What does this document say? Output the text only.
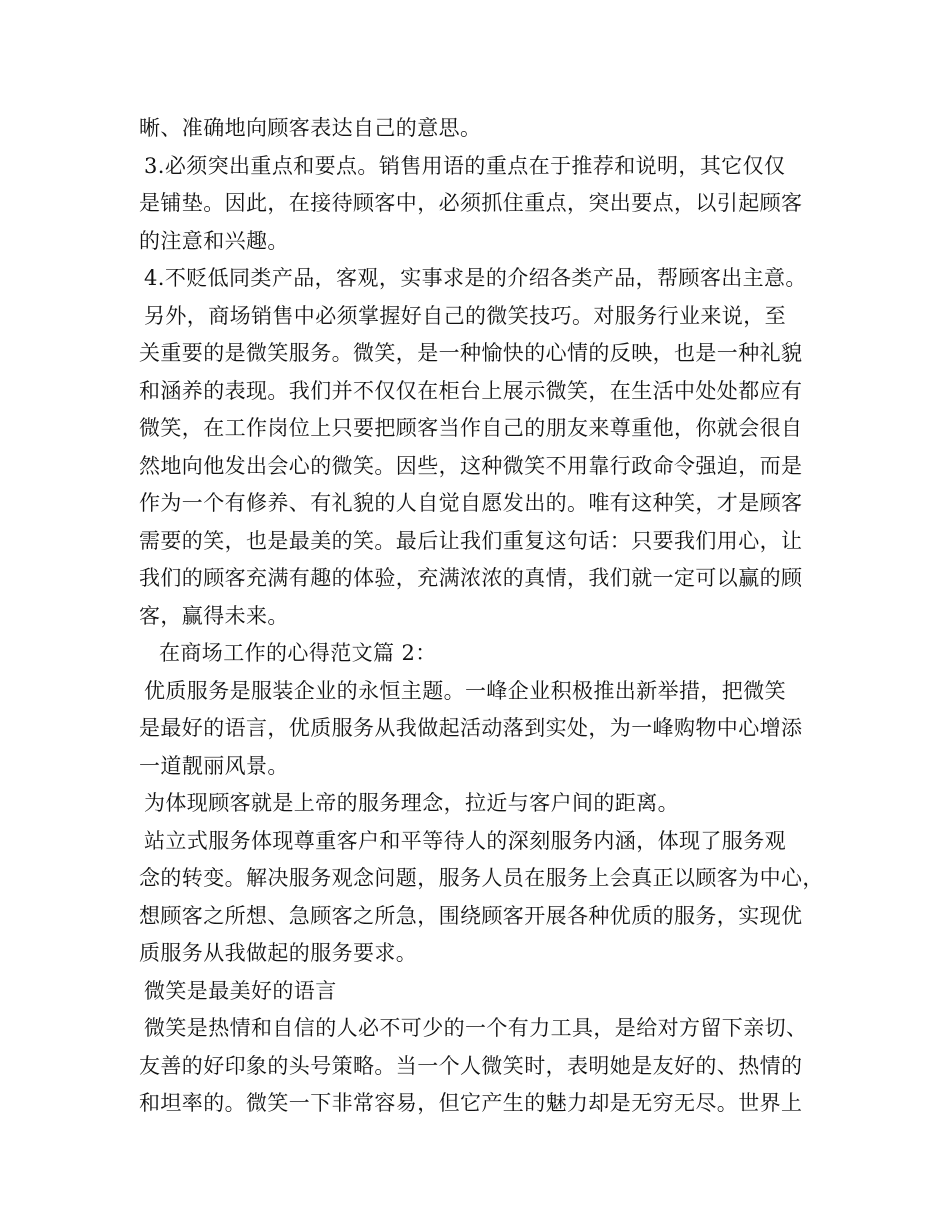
晰、准确地向顾客表达自己的意思。
3.必须突出重点和要点。销售用语的重点在于推荐和说明，其它仅仅
是铺垫。因此，在接待顾客中，必须抓住重点，突出要点，以引起顾客
的注意和兴趣。
4.不贬低同类产品，客观，实事求是的介绍各类产品，帮顾客出主意。
另外，商场销售中必须掌握好自己的微笑技巧。对服务行业来说，至
关重要的是微笑服务。微笑，是一种愉快的心情的反映，也是一种礼貌
和涵养的表现。我们并不仅仅在柜台上展示微笑，在生活中处处都应有
微笑，在工作岗位上只要把顾客当作自己的朋友来尊重他，你就会很自
然地向他发出会心的微笑。因些，这种微笑不用靠行政命令强迫，而是
作为一个有修养、有礼貌的人自觉自愿发出的。唯有这种笑，才是顾客
需要的笑，也是最美的笑。最后让我们重复这句话：只要我们用心，让
我们的顾客充满有趣的体验，充满浓浓的真情，我们就一定可以赢的顾
客，赢得未来。
在商场工作的心得范文篇 2：
优质服务是服装企业的永恒主题。一峰企业积极推出新举措，把微笑
是最好的语言，优质服务从我做起活动落到实处，为一峰购物中心增添
一道靓丽风景。
为体现顾客就是上帝的服务理念，拉近与客户间的距离。
站立式服务体现尊重客户和平等待人的深刻服务内涵，体现了服务观
念的转变。解决服务观念问题，服务人员在服务上会真正以顾客为中心，
想顾客之所想、急顾客之所急，围绕顾客开展各种优质的服务，实现优
质服务从我做起的服务要求。
微笑是最美好的语言
微笑是热情和自信的人必不可少的一个有力工具，是给对方留下亲切、
友善的好印象的头号策略。当一个人微笑时，表明她是友好的、热情的
和坦率的。微笑一下非常容易，但它产生的魅力却是无穷无尽。世界上
